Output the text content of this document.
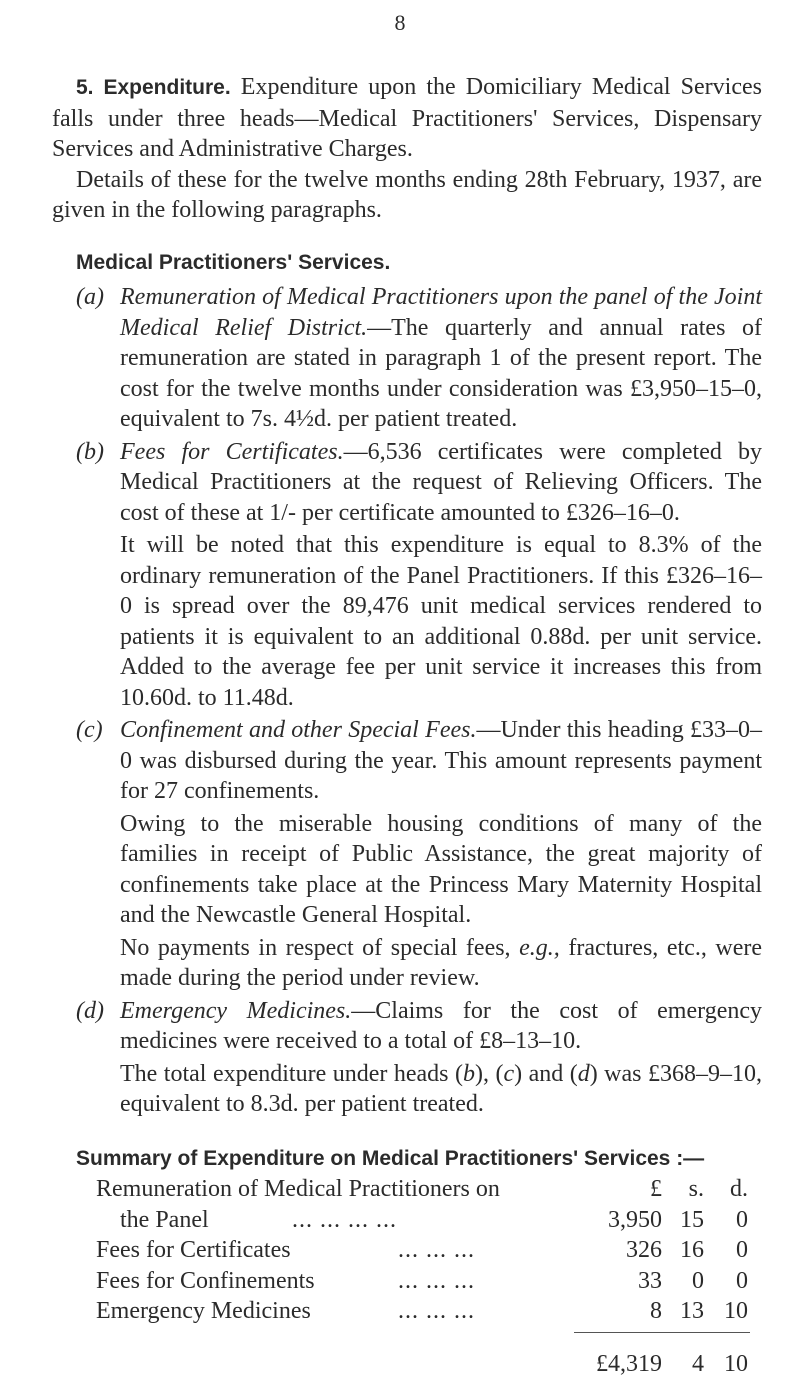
8

5. Expenditure. Expenditure upon the Domiciliary Medical Services falls under three heads—Medical Practitioners' Services, Dispensary Services and Administrative Charges.

Details of these for the twelve months ending 28th February, 1937, are given in the following paragraphs.

Medical Practitioners' Services.
(a) Remuneration of Medical Practitioners upon the panel of the Joint Medical Relief District.—The quarterly and annual rates of remuneration are stated in paragraph 1 of the present report. The cost for the twelve months under consideration was £3,950–15–0, equivalent to 7s. 4½d. per patient treated.

(b) Fees for Certificates.—6,536 certificates were completed by Medical Practitioners at the request of Relieving Officers. The cost of these at 1/- per certificate amounted to £326–16–0.

It will be noted that this expenditure is equal to 8.3% of the ordinary remuneration of the Panel Practitioners. If this £326–16–0 is spread over the 89,476 unit medical services rendered to patients it is equivalent to an additional 0.88d. per unit service. Added to the average fee per unit service it increases this from 10.60d. to 11.48d.

(c) Confinement and other Special Fees.—Under this heading £33–0–0 was disbursed during the year. This amount represents payment for 27 confinements.

Owing to the miserable housing conditions of many of the families in receipt of Public Assistance, the great majority of confinements take place at the Princess Mary Maternity Hospital and the Newcastle General Hospital.

No payments in respect of special fees, e.g., fractures, etc., were made during the period under review.

(d) Emergency Medicines.—Claims for the cost of emergency medicines were received to a total of £8–13–10.

The total expenditure under heads (b), (c) and (d) was £368–9–10, equivalent to 8.3d. per patient treated.

Summary of Expenditure on Medical Practitioners' Services :—
Remuneration of Medical Practitioners on	£	s.	d.
the Panel	... ... ... ...	3,950 15	0
Fees for Certificates	... ... ...	326 16	0
Fees for Confinements	... ... ...	33	0	0
Emergency Medicines	... ... ...	8 13 10
£4,319	4 10
